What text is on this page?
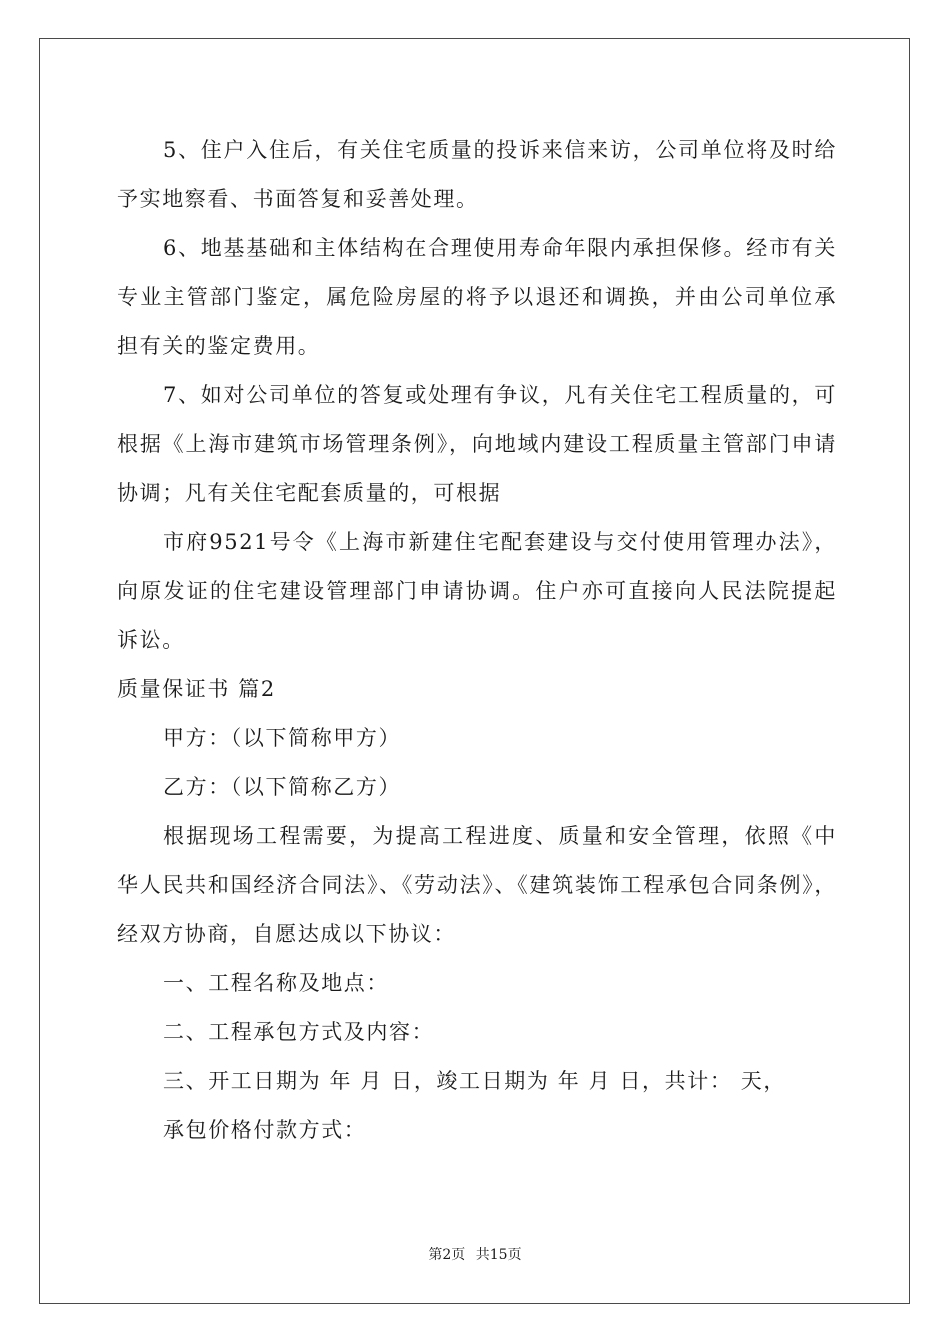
5、住户入住后，有关住宅质量的投诉来信来访，公司单位将及时给予实地察看、书面答复和妥善处理。

6、地基基础和主体结构在合理使用寿命年限内承担保修。经市有关专业主管部门鉴定，属危险房屋的将予以退还和调换，并由公司单位承担有关的鉴定费用。

7、如对公司单位的答复或处理有争议，凡有关住宅工程质量的，可根据《上海市建筑市场管理条例》，向地域内建设工程质量主管部门申请协调；凡有关住宅配套质量的，可根据

市府9521号令《上海市新建住宅配套建设与交付使用管理办法》，向原发证的住宅建设管理部门申请协调。住户亦可直接向人民法院提起诉讼。

质量保证书 篇2

甲方：（以下简称甲方）

乙方：（以下简称乙方）

根据现场工程需要，为提高工程进度、质量和安全管理，依照《中华人民共和国经济合同法》、《劳动法》、《建筑装饰工程承包合同条例》，经双方协商，自愿达成以下协议：

一、工程名称及地点：

二、工程承包方式及内容：

三、开工日期为 年 月 日，竣工日期为 年 月 日，共计： 天，

承包价格付款方式：

第2页 共15页
